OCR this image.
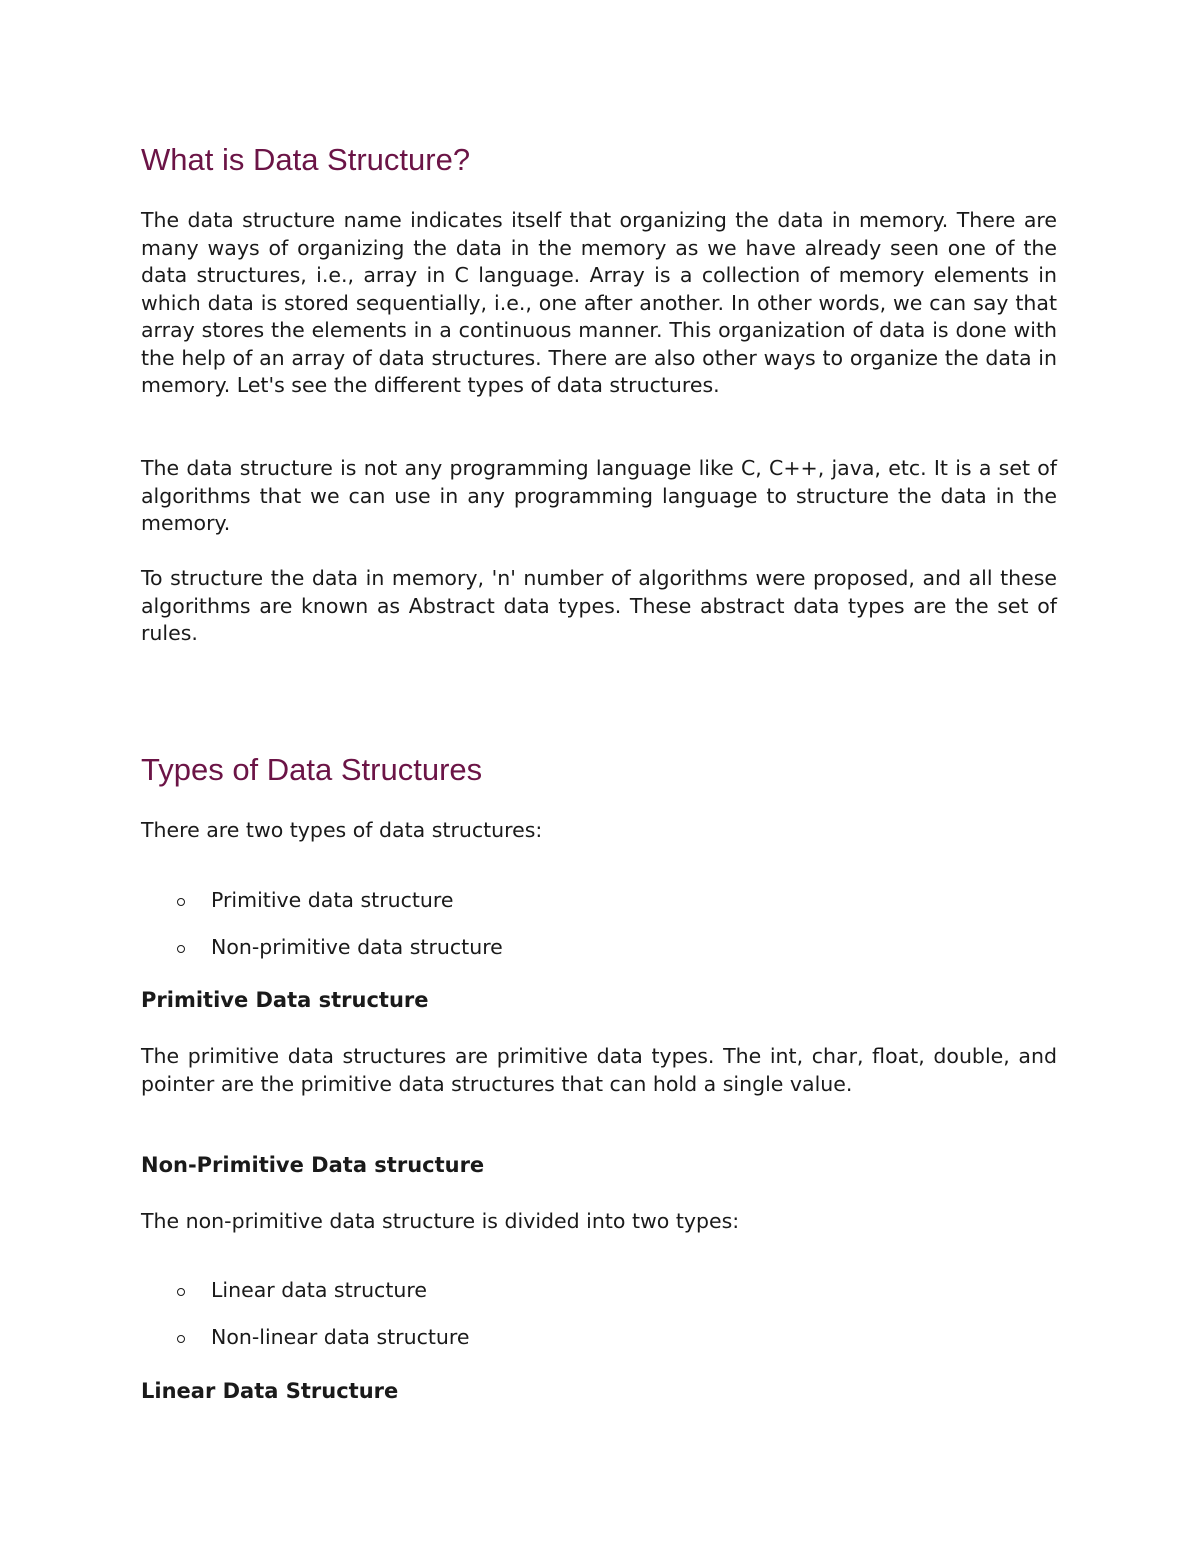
What is Data Structure?

The data structure name indicates itself that organizing the data in memory. There are many ways of organizing the data in the memory as we have already seen one of the data structures, i.e., array in C language. Array is a collection of memory elements in which data is stored sequentially, i.e., one after another. In other words, we can say that array stores the elements in a continuous manner. This organization of data is done with the help of an array of data structures. There are also other ways to organize the data in memory. Let's see the different types of data structures.

The data structure is not any programming language like C, C++, java, etc. It is a set of algorithms that we can use in any programming language to structure the data in the memory.

To structure the data in memory, 'n' number of algorithms were proposed, and all these algorithms are known as Abstract data types. These abstract data types are the set of rules.

Types of Data Structures

There are two types of data structures:

Primitive data structure
Non-primitive data structure
Primitive Data structure

The primitive data structures are primitive data types. The int, char, float, double, and pointer are the primitive data structures that can hold a single value.

Non-Primitive Data structure

The non-primitive data structure is divided into two types:

Linear data structure
Non-linear data structure
Linear Data Structure
